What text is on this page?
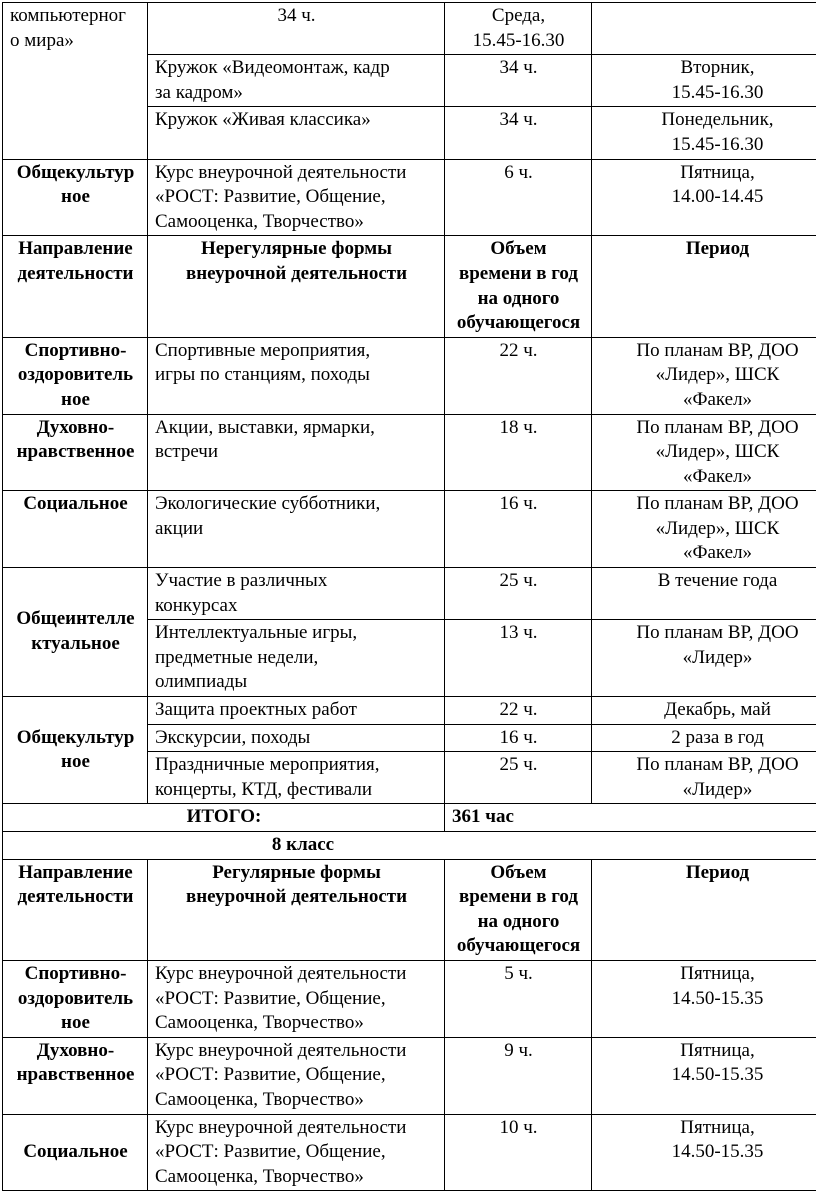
компьютерног
о мира»	34 ч.	Среда,
15.45-16.30	

	Кружок «Видеомонтаж, кадр
за кадром»	34 ч.	Вторник,
15.45-16.30

	Кружок «Живая классика»	34 ч.	Понедельник,
15.45-16.30

Общекультур
ное	Курс внеурочной деятельности
«РОСТ: Развитие, Общение,
Самооценка, Творчество»	6 ч.	Пятница,
14.00-14.45

Направление
деятельности	Нерегулярные формы
внеурочной деятельности	Объем
времени в год
на одного
обучающегося	Период

Спортивно-
оздоровитель
ное	Спортивные мероприятия,
игры по станциям, походы	22 ч.	По планам ВР, ДОО
«Лидер», ШСК
«Факел»

Духовно-
нравственное	Акции, выставки, ярмарки,
встречи	18 ч.	По планам ВР, ДОО
«Лидер», ШСК
«Факел»

Социальное	Экологические субботники,
акции	16 ч.	По планам ВР, ДОО
«Лидер», ШСК
«Факел»

Общеинтелле
ктуальное	Участие в различных
конкурсах	25 ч.	В течение года

	Интеллектуальные игры,
предметные недели,
олимпиады	13 ч.	По планам ВР, ДОО
«Лидер»

Общекультур
ное	Защита проектных работ	22 ч.	Декабрь, май

	Экскурсии, походы	16 ч.	2 раза в год

	Праздничные мероприятия,
концерты, КТД, фестивали	25 ч.	По планам ВР, ДОО
«Лидер»

ИТОГО:		361 час	

8 класс			

Направление
деятельности	Регулярные формы
внеурочной деятельности	Объем
времени в год
на одного
обучающегося	Период

Спортивно-
оздоровитель
ное	Курс внеурочной деятельности
«РОСТ: Развитие, Общение,
Самооценка, Творчество»	5 ч.	Пятница,
14.50-15.35

Духовно-
нравственное	Курс внеурочной деятельности
«РОСТ: Развитие, Общение,
Самооценка, Творчество»	9 ч.	Пятница,
14.50-15.35

Социальное	Курс внеурочной деятельности
«РОСТ: Развитие, Общение,
Самооценка, Творчество»	10 ч.	Пятница,
14.50-15.35
